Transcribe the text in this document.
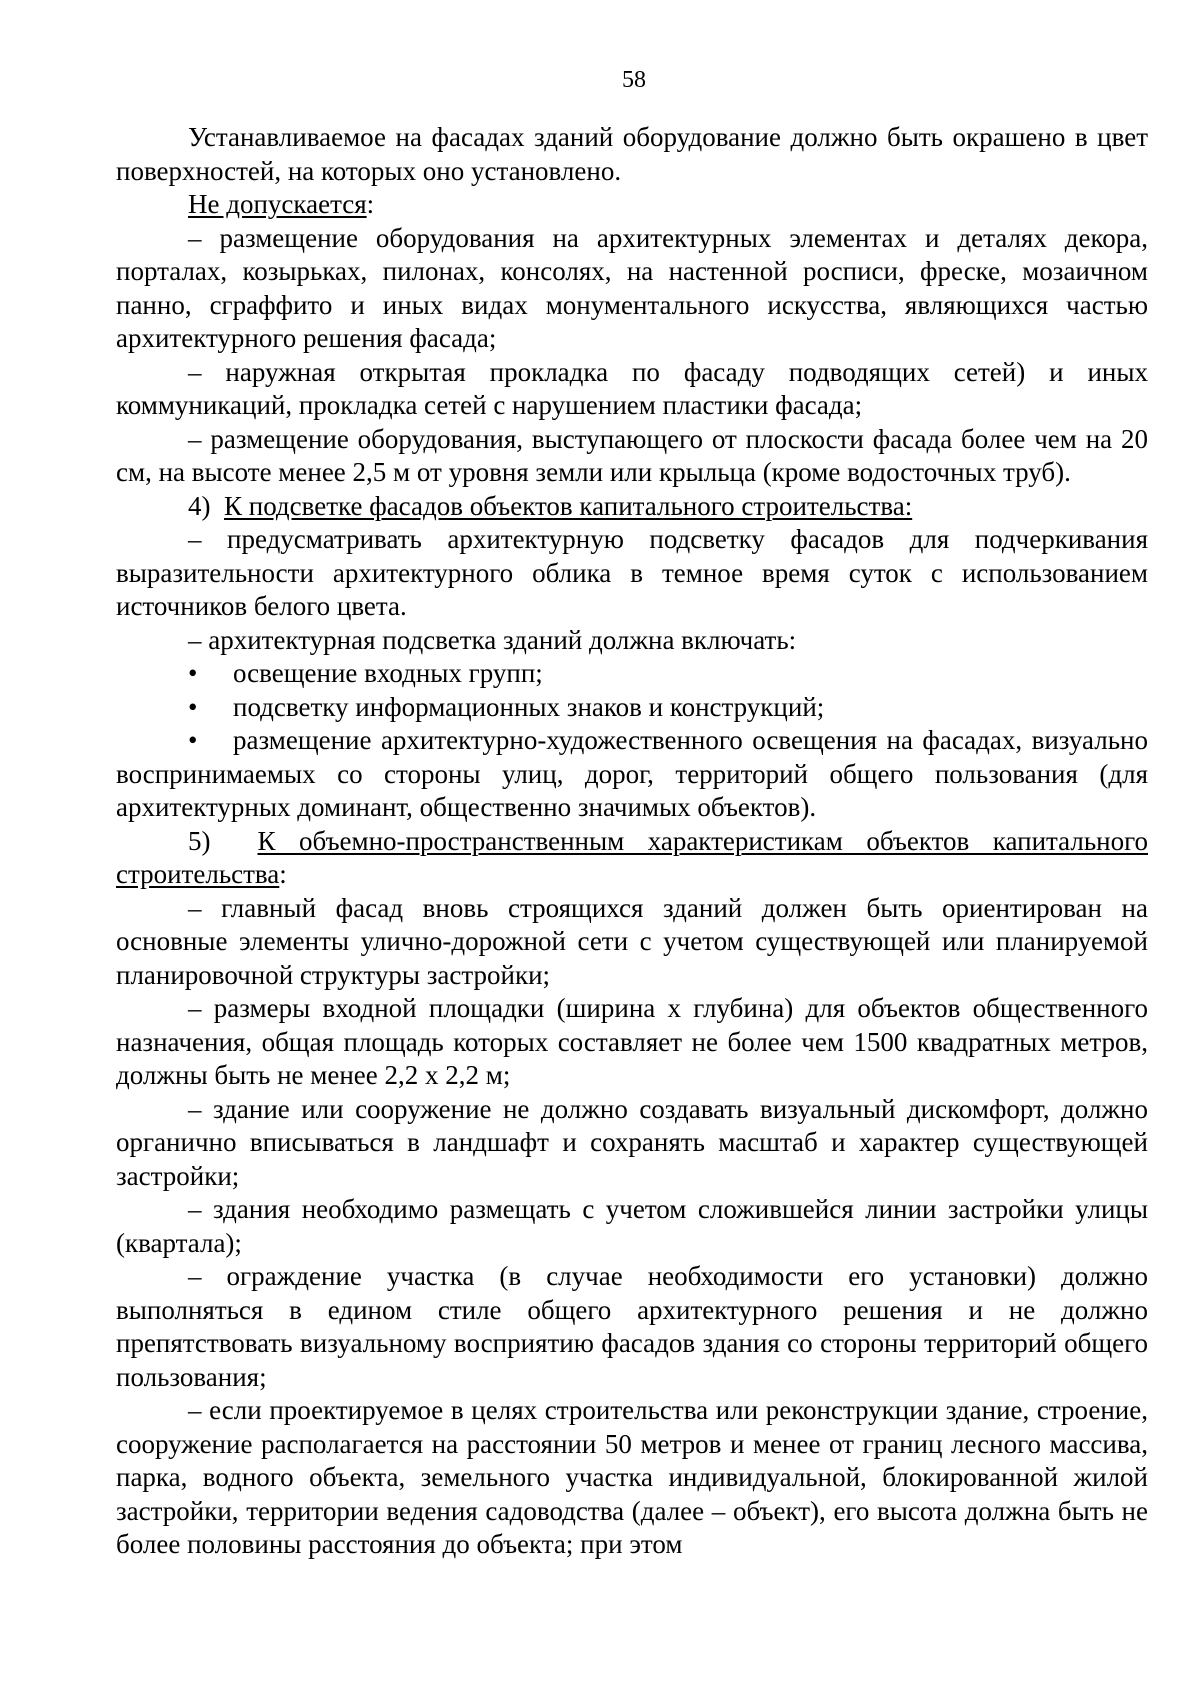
58

Устанавливаемое на фасадах зданий оборудование должно быть окрашено в цвет поверхностей, на которых оно установлено.

Не допускается:

– размещение оборудования на архитектурных элементах и деталях декора, порталах, козырьках, пилонах, консолях, на настенной росписи, фреске, мозаичном панно, сграффито и иных видах монументального искусства, являющихся частью архитектурного решения фасада;

– наружная открытая прокладка по фасаду подводящих сетей) и иных коммуникаций, прокладка сетей с нарушением пластики фасада;

– размещение оборудования, выступающего от плоскости фасада более чем на 20 см, на высоте менее 2,5 м от уровня земли или крыльца (кроме водосточных труб).

4) К подсветке фасадов объектов капитального строительства:

– предусматривать архитектурную подсветку фасадов для подчеркивания выразительности архитектурного облика в темное время суток с использованием источников белого цвета.

– архитектурная подсветка зданий должна включать:

• освещение входных групп;

• подсветку информационных знаков и конструкций;

• размещение архитектурно-художественного освещения на фасадах, визуально воспринимаемых со стороны улиц, дорог, территорий общего пользования (для архитектурных доминант, общественно значимых объектов).

5) К объемно-пространственным характеристикам объектов капитального строительства:

– главный фасад вновь строящихся зданий должен быть ориентирован на основные элементы улично-дорожной сети с учетом существующей или планируемой планировочной структуры застройки;

– размеры входной площадки (ширина x глубина) для объектов общественного назначения, общая площадь которых составляет не более чем 1500 квадратных метров, должны быть не менее 2,2 x 2,2 м;

– здание или сооружение не должно создавать визуальный дискомфорт, должно органично вписываться в ландшафт и сохранять масштаб и характер существующей застройки;

– здания необходимо размещать с учетом сложившейся линии застройки улицы (квартала);

– ограждение участка (в случае необходимости его установки) должно выполняться в едином стиле общего архитектурного решения и не должно препятствовать визуальному восприятию фасадов здания со стороны территорий общего пользования;

– если проектируемое в целях строительства или реконструкции здание, строение, сооружение располагается на расстоянии 50 метров и менее от границ лесного массива, парка, водного объекта, земельного участка индивидуальной, блокированной жилой застройки, территории ведения садоводства (далее – объект), его высота должна быть не более половины расстояния до объекта; при этом
